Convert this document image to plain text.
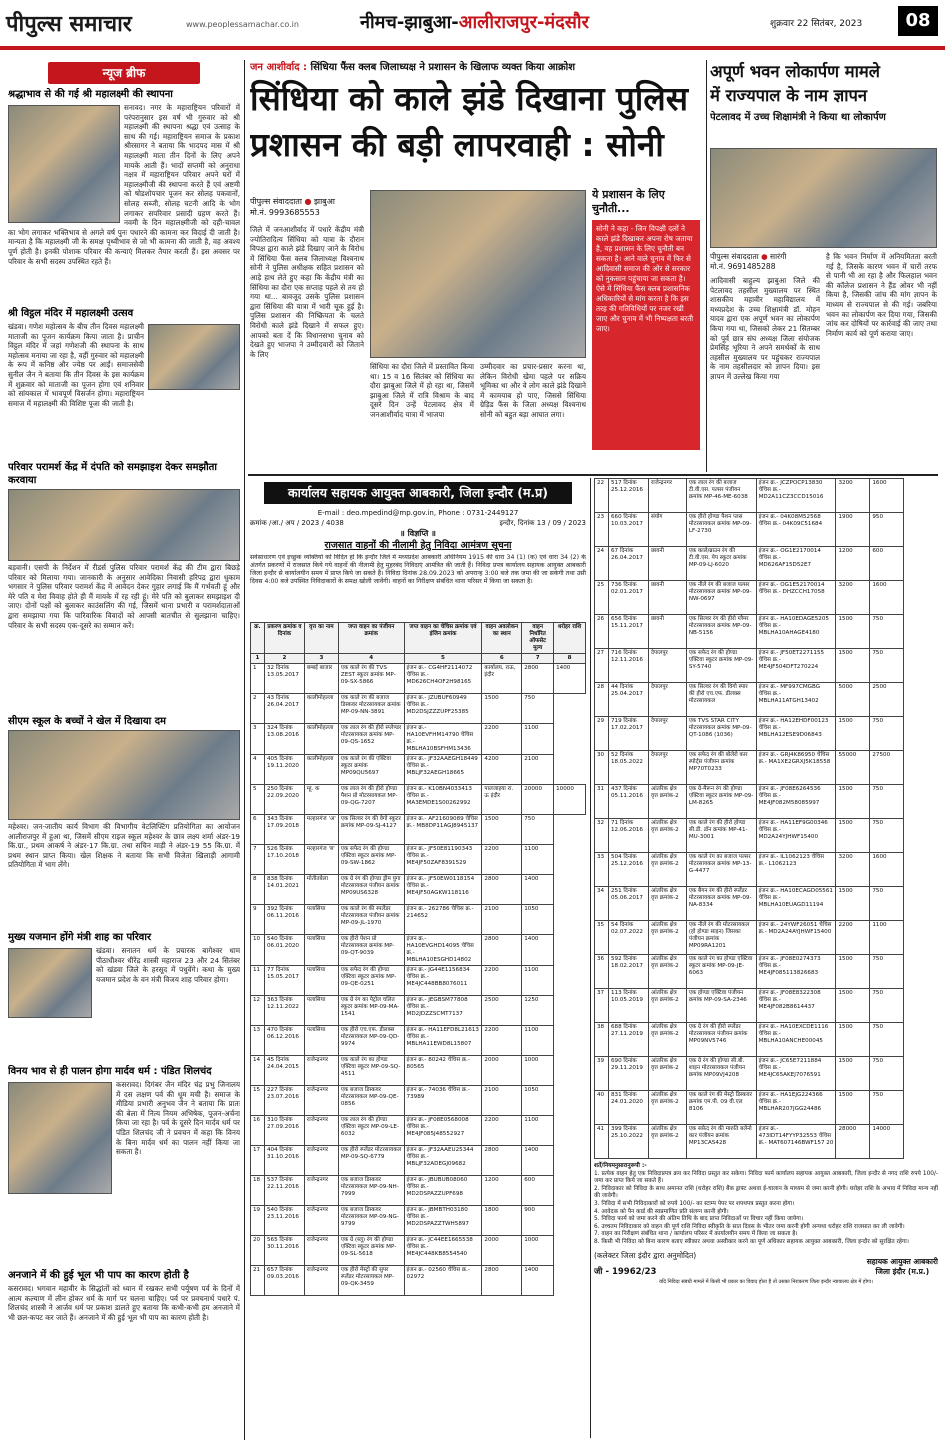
पीपुल्स समाचार	www.peoplessamachar.co.in	नीमच-झाबुआ-आलीराजपुर-मंदसौर	शुक्रवार 22 सितंबर, 2023	08
न्यूज ब्रीफ
श्रद्धाभाव से की गई श्री महालक्ष्मी की स्थापना
सनावद। नगर के महाराष्ट्रियन परिवारों में परंपरानुसार इस वर्ष भी गुरुवार को श्री महालक्ष्मी की स्थापना श्रद्धा एवं उत्साह के साथ की गई। महाराष्ट्रियन समाज के प्रकाश श्रीरसागर ने बताया कि भादपद मास में श्री महालक्ष्मी माता तीन दिनों के लिए अपने मायके आती हैं। भादों सप्तमी को अनुराधा नक्षत्र में महाराष्ट्रियन परिवार अपने घरों में महालक्ष्मीजी की स्थापना करते हैं एवं अष्टमी को षोडशोपचार पूजन कर सोलह पकवानों, सोलह सब्जी, सोलह चटनी आदि के भोग लगाकर सपरिवार प्रसादी ग्रहण करते हैं। नवमी के दिन महालक्ष्मीजी को दही-चावल का भोग लगाकर भक्तिभाव से अगले वर्ष पुनः पधारने की कामना कर विदाई दी जाती है। मान्यता है कि महालक्ष्मी जी के समक्ष पृथ्वीभाव से जो भी कामना की जाती है, वह अवश्य पूर्ण होती है। इनकी पोशाक परिवार की कन्याएं मिलकर तैयार करती हैं। इस अवसर पर परिवार के सभी सदस्य उपस्थित रहते हैं।
श्री विट्ठल मंदिर में महालक्ष्मी उत्सव
खंडवा। गणेश महोत्सव के बीच तीन दिवस महालक्ष्मी माताजी का पूजन कार्यक्रम किया जाता है। प्राचीन विट्ठल मंदिर में जहां गणेशजी की स्थापना के साथ महोत्सव मनाया जा रहा है, वहीं गुरुवार को महालक्ष्मी के रूप में कनिष्ठ और ज्येष्ठ पर आईं। समाजसेवी सुनील जैन ने बताया कि तीन दिवस के इस कार्यक्रम में शुक्रवार को माताजी का पूजन होगा एवं शनिवार को सांयकाल में भावपूर्ण विसर्जन होगा। महाराष्ट्रियन समाज में महालक्ष्मी की विशिष्ट पूजा की जाती है।
परिवार परामर्श केंद्र में दंपति को समझाइश देकर समझौता करवाया
बड़वानी। एसपी के निर्देशन में रीडर्स पुलिस परिवार परामर्श केंद्र की टीम द्वारा बिछड़े परिवार को मिलाया गया। जानकारी के अनुसार आवेदिका निवासी हरिपद्र द्वारा धुकाम भगसार ने पुलिस परिवार परामर्श केंद्र में आवेदन देकर गुहार लगाई कि मैं गर्भवती हूं और मेरे पति व मेरा विवाह होते ही मैं मायके में रह रही हूं। मेरे पति को बुलाकर समझाइश दी जाए। दोनों पक्षों को बुलाकर काउंसलिंग की गई, जिसमें थाना प्रभारी व परामर्शदाताओं द्वारा समझाया गया कि पारिवारिक विवादों को आपसी बातचीत से सुलझाना चाहिए। परिवार के सभी सदस्य एक-दूसरे का सम्मान करें।
सीएम स्कूल के बच्चों ने खेल में दिखाया दम
महेश्वर। जन-जातीय कार्य विभाग की विभागीय वेटलिफ्टिंग प्रतियोगिता का आयोजन आलीराजपुर में हुआ था, जिसमें सीएम राइज स्कूल महेश्वर के छात्र लक्ष्य शर्मा अंडर-19 कि.ग्रा., प्रथम आकर्ष ने अंडर-17 कि.ग्रा. तथा सचिन माड़ी ने अंडर-19 55 कि.ग्रा. में प्रथम स्थान प्राप्त किया। खेल शिक्षक ने बताया कि सभी विजेता खिलाड़ी आगामी प्रतियोगिता में भाग लेंगे।
मुख्य यजमान होंगे मंत्री शाह का परिवार
खंडवा। सनातन धर्म के प्रचारक बागेश्वर धाम पीठाधीश्वर धीरेंद्र शास्त्री महाराज 23 और 24 सितंबर को खंडवा जिले के हरसूद में पधुवेंगे। कथा के मुख्य यजमान प्रदेश के वन मंत्री विजय शाह परिवार होगा।
विनय भाव से ही पालन होगा मार्दव धर्म : पंडित शिलचंद
कसरावद। दिगंबर जैन मंदिर चंद्र प्रभु जिनालय में दस लक्षण पर्व की धूम मची है। समाज के मीडिया प्रभारी अनुभव जैन ने बताया कि प्रातः की बेला में नित्य नियम अभिषेक, पूजन-अर्चना किया जा रहा है। पर्व के दूसरे दिन मार्दव धर्म पर पंडित शिलचंद जी ने प्रवचन में कहा कि विनय के बिना मार्दव धर्म का पालन नहीं किया जा सकता है।
अनजाने में की हुई भूल भी पाप का कारण होती है
कसरावद। भगवान महावीर के सिद्धांतों को ध्यान में रखकर सभी पर्यूषण पर्व के दिनों में आत्म कल्याण में लीन होकर धर्म के मार्ग पर चलना चाहिए। पर्व पर प्रवचनार्थ पधारे पं. शिलचंद शास्त्री ने आर्जव धर्म पर प्रकाश डालते हुए बताया कि कभी-कभी हम अनजाने में भी छल-कपट कर जाते हैं। अनजाने में की हुई भूल भी पाप का कारण होती है।
जन आशीर्वाद : सिंधिया फैंस क्लब जिलाध्यक्ष ने प्रशासन के खिलाफ व्यक्त किया आक्रोश
सिंधिया को काले झंडे दिखाना पुलिस
प्रशासन की बड़ी लापरवाही : सोनी
पीपुल्स संवाददाता ● झाबुआ
मो.नं. 9993685553
जिले में जनआशीर्वाद में पधारे केंद्रीय मंत्री ज्योतिरादित्य सिंधिया को यात्रा के दौरान विपक्ष द्वारा काले झंडे दिखाए जाने के विरोध में सिंधिया फैंस क्लब जिलाध्यक्ष विश्वनाथ सोनी ने पुलिस अधीक्षक सहित प्रशासन को आड़े हाथ लेते हुए कहा कि केंद्रीय मंत्री का सिंधिया का दौरा एक सप्ताह पहले से तय हो गया था... बावजूद उसके पुलिस प्रशासन द्वारा सिंधिया की यात्रा में भारी चूक हुई है। पुलिस प्रशासन की निष्क्रियता के चलते विरोधी काले झंडे दिखाने में सफल हुए। आपको बता दें कि विधानसभा चुनाव को देखते हुए भाजपा ने उम्मीदवारों को जिताने के लिए
सिंधिया का दौरा जिले में प्रस्तावित किया था। 15 व 16 सितंबर को सिंधिया का दौरा झाबुआ जिले में हो रहा था, जिसमें झाबुआ जिले में रात्रि विश्राम के बाद दूसरे दिन उन्हें पेटलावद क्षेत्र में जनआशीर्वाद यात्रा में भाजपा
उम्मीदवार का प्रचार-प्रसार करना था, लेकिन विरोधी खेमा पहले पर सक्रिय भूमिका था और वे लोग काले झंडे दिखाने में कामयाब हो पाए, जिससे सिंधिया ग्रेड़िड फैंस के जिला अध्यक्ष विश्वनाथ सोनी को बहुत बड़ा आघात लगा।
ये प्रशासन के लिए चुनौती...
सोनी ने कहा - जिन विपक्षी दलों ने काले झंडे दिखाकर अपना रोष जताया है, वह प्रशासन के लिए चुनौती बन सकता है। आने वाले चुनाव में फिर से आदिवासी समाज की ओर से सरकार को नुकसान पहुंचाया जा सकता है। ऐसे में सिंधिया फैंस क्लब प्रशासनिक अधिकारियों से मांग करता है कि इस तरह की गतिविधियों पर नजर रखी जाए और चुनाव में भी निष्पक्षता बरती जाए।
अपूर्ण भवन लोकार्पण मामले
में राज्यपाल के नाम ज्ञापन
पेटलावद में उच्च शिक्षामंत्री ने किया था लोकार्पण
पीपुल्स संवाददाता ● सारंगी
मो.नं. 9691485288
आदिवासी बाहुल्य झाबुआ जिले की पेटलावद तहसील मुख्यालय पर स्थित शासकीय महावीर महाविद्यालय में मध्यप्रदेश के उच्च शिक्षामंत्री डॉ. मोहन यादव द्वारा एक अपूर्ण भवन का लोकार्पण किया गया था, जिसको लेकर 21 सितम्बर को पूर्व छात्र संघ अध्यक्ष जिला संयोजक प्रेमसिंह भूरिया ने अपने समर्थकों के साथ तहसील मुख्यालय पर पहुंचकर राज्यपाल के नाम तहसीलदार को ज्ञापन दिया। इस ज्ञापन में उल्लेख किया गया
है कि भवन निर्माण में अनियमितता बरती गई है, जिसके कारण भवन में चारों तरफ से पानी भी आ रहा है और फिलहाल भवन की कॉलेज प्रशासन ने हैंड ओवर भी नहीं किया है, जिसकी जांच की मांग ज्ञापन के माध्यम से राज्यपाल से की गई। जबरिया भवन का लोकार्पण कर दिया गया, जिसकी जांच कर दोषियों पर कार्रवाई की जाए तथा निर्माण कार्य को पूर्ण कराया जाए।
कार्यालय सहायक आयुक्त आबकारी, जिला इन्दौर (म.प्र)
E-mail : deo.mpedind@mp.gov.in, Phone : 0731-2449127
क्रमांक /आ./ अप / 2023 / 4038	इन्दौर, दिनांक 13 / 09 / 2023
॥ विज्ञप्ति ॥
राजसात वाहनों की नीलामी हेतु निविदा आमंत्रण सूचना
सर्वसाधारण एवं इच्छुक व्यक्तियों को विदित हो कि इन्दौर जिले में मध्यप्रदेश आबकारी अधिनियम 1915 की धारा 34 (1) (क) एवं धारा 34 (2) के अंतर्गत प्रकरणों में राजसात किये गये वाहनों की नीलामी हेतु मुहरबंद निविदाएं आमंत्रित की जाती हैं। निविदा प्रपत्र कार्यालय सहायक आयुक्त आबकारी जिला इन्दौर से कार्यालयीन समय में प्राप्त किये जा सकते हैं। निविदा दिनांक 28.09.2023 को अपरान्ह 3:00 बजे तक जमा की जा सकेगी तथा उसी दिवस 4:00 बजे उपस्थित निविदाकारों के समक्ष खोली जावेंगी। वाहनों का निरीक्षण संबंधित थाना परिसर में किया जा सकता है।
क्र.	प्रकरण क्रमांक व दिनांक	वृत्त का नाम	जप्त वाहन का पंजीयन क्रमांक	जप्त वाहन का चेचिस क्रमांक एवं इंजिन क्रमांक	वाहन अवलोकन का स्थान	वाहन निर्धारित ऑफसेट मूल्य	धरोहर राशि
1	2	3	4	5	6	7	8
1	32 दिनांक 13.05.2017	बम्बई बाजार	एक काले रंग की TVS ZEST स्कूटर क्रमांक MP-09-SX-5866	इंजन क्र.- CG4HF2114072 चेचिस क्र.- MD626CH4OF2H98165	कार्यालय, राऊ, इंदौर	2800	1400
2	43 दिनांक 26.04.2017	कालीमोहल्ला	एक काले रंग की बजाज डिस्कवर मोटरसायकल क्रमांक MP-09-NN-3891	इंजन क्र.- JZUBUF60949 चेचिस क्र.- MD2DSJZZZUPF25385	1500	750	
3	324 दिनांक 13.08.2016	कालीमोहल्ला	एक लाल रंग की हीरो स्प्लेण्डर मोटरसायकल क्रमांक MP-09-QS-1652	इंजन क्र.- HA10EVFHM14790 चेचिस क्र.- MBLHA10BSFHM13436	2200	1100	
4	405 दिनांक 19.11.2020	कालीमोहल्ला	एक काले रंग की एक्टिवा स्कूटर क्रमांक MP09QU5697	इंजन क्र.- JF32AAEGH18449 चेचिस क्र.- MBLJF32AEGH18665	4200	2100	
5	250 दिनांक 22.09.2020	म्हू. क	एक लाल रंग की हीरो होण्डा पैशन प्रो मोटरसायकल MP-09-QG-7207	इंजन क्र.- K10BN4033413 चेचिस क्र.- MA3EMDE1S00262992	पालजाइया रा. ऊ इंदौर	20000	10000
6	343 दिनांक 17.09.2018	मल्हारगंज 'अ'	एक सिल्वर रंग की वेगो स्कूटर क्रमांक MP-09-SJ-4127	इंजन क्र.- AF21609089 चेचिस क्र.- MB8DP11AGJ8945137	1500	750	
7	526 दिनांक 17.10.2018	मल्हारगंज 'ब'	एक सफेद रंग की होण्डा एक्टिवा स्कूटर क्रमांक MP-09-SW-1862	इंजन क्र.- JF50E81190343 चेचिस क्र.- ME4JF50ZAF8391529	2200	1100	
8	838 दिनांक 14.01.2021	मोतीतबेला	एक ग्रे रंग की होण्डा ड्रीम युगा मोटरसायकल पंजीयन क्रमांक MP09US6328	इंजन क्र.- JF50EW0118154 चेचिस क्र.- ME4JF50AGKW118116	2800	1400	
9	392 दिनांक 06.11.2016	पलासिया	एक काले रंग की स्पलेंडर मोटरसायकल पंजीयन क्रमांक MP-09-JL-1970	इंजन क्र.- 262786 चेचिस क्र.- 214652	2100	1050	
10	540 दिनांक 06.01.2020	पलासिया	एक हीरो पेशन प्रो मोटरसायकल क्रमांक MP-09-QT-9039	इंजन क्र.- HA10EVGHD14095 चेचिस क्र.- MBLHA10ESGHD14802	2800	1400	
11	77 दिनांक 15.05.2017	पलासिया	एक सफेद रंग की होण्डा एक्टिवा स्कूटर क्रमांक MP-09-QE-0251	इंजन क्र.- JG44E1156834 चेचिस क्र.- ME4JC448BB8076011	2200	1100	
12	363 दिनांक 12.11.2022	पलासिया	एक ग्रे रंग का पेट्रोल चलित स्कूटर क्रमांक MP-09-MA-1541	इंजन क्र.- JEGBSM77808 चेचिस क्र.- MD2JDZZSCMT7137	2500	1250	
13	470 दिनांक 06.12.2016	पलासिया	एक हीरो एच.एफ. डीलक्स मोटरसायकल MP-09-QD-9974	इंजन क्र.- HA11EFD8L21613 चेचिस क्र.- MBLHA11EWD8L15807	2200	1100	
14	45 दिनांक 24.04.2015	राजेन्द्रनगर	एक काले रंग का होण्डा एक्टिवा स्कूटर MP-09-SQ-4511	इंजन क्र.- 80242 चेचिस क्र.- 80565	2000	1000	
15	227 दिनांक 23.07.2016	राजेन्द्रनगर	एक बजाज डिस्कवर मोटरसायकल MP-09-QE-0856	इंजन क्र.- 74036 चेचिस क्र.- 73989	2100	1050	
16	310 दिनांक 27.09.2016	राजेन्द्रनगर	एक लाल रंग की होण्डा एक्टिवा स्कूटर MP-09-LE-6032	इंजन क्र.- JF08E0568008 चेचिस क्र.- ME4JF085J48552927	2200	1100	
17	404 दिनांक 31.10.2016	राजेन्द्रनगर	एक हीरो स्प्लेंडर मोटरसायकल MP-09-SQ-6779	इंजन क्र.- JF32AAEU25344 चेचिस क्र.- MBLJF32ADEGJ09682	2800	1400	
18	537 दिनांक 22.11.2016	राजेन्द्रनगर	एक बजाज डिस्कवर मोटरसायकल MP-09-NH-7999	इंजन क्र.- JBUBUB08060 चेचिस क्र.- MD2DSPAZZUPF698	1200	600	
19	540 दिनांक 23.11.2016	राजेन्द्रनगर	एक बजाज डिस्कवर मोटरसायकल MP-09-NG-9799	इंजन क्र.- JBMBTH03180 चेचिस क्र.- MD2DSPAZZTWH5897	1800	900	
20	565 दिनांक 30.11.2016	राजेन्द्रनगर	एक ग्रे (ब्लू) रंग की होण्डा एक्टिवा स्कूटर क्रमांक MP-09-SL-5618	इंजन क्र.- JC44EE1665538 चेचिस क्र.- ME4JC448KB8554540	2000	1000	
21	657 दिनांक 09.03.2016	राजेन्द्रनगर	एक हीरो मेस्ट्रो की सुपर स्प्लेंडर मोटरसायकल MP-09-QK-3459	इंजन क्र.- 02560 चेचिस क्र.- 02972	2800	1400	
22	517 दिनांक 25.12.2016	राजेन्द्रनगर	एक लाल रंग की बजाज टी.वी.एस. पल्सर पंजीयन क्रमांक MP-46-ME-6038	इंजन क्र.- JCZPOCP13830 चेचिस क्र.- MD2A11CZ3CCD15016	3200	1600
23	660 दिनांक 10.03.2017	संयोग	एक हीरो होण्डा पैशन प्लस मोटरसायकल क्रमांक MP-09-LF-2730	इंजन क्र.- 04K08M52568 चेचिस क्र.- 04K09C51684	1900	950
24	67 दिनांक 26.04.2017	छावनी	एक काले/ब्राउन रंग की टी.वी.एस. पेप स्कूटर क्रमांक MP-09-LJ-6020	इंजन क्र.- OG1E2170014 चेचिस क्र.- MD626AF15D52E7	1200	600
25	736 दिनांक 02.01.2017	छावनी	एक नीले रंग की बजाज पल्सर मोटरसायकल क्रमांक MP-09-NW-0697	इंजन क्र.- OG1E52170014 चेचिस क्र.- DHZCCH17058	3200	1600
26	656 दिनांक 15.11.2017	छावनी	एक सिल्वर रंग की हीरो ग्लैमर मोटरसायकल क्रमांक MP-09-NB-5156	इंजन क्र.- HA10EDAGE5205 चेचिस क्र.- MBLHA10AHAGE4180	1500	750
27	716 दिनांक 12.11.2016	देपालपुर	एक सफेद रंग की होण्डा एक्टिवा स्कूटर क्रमांक MP-09-SY-5740	इंजन क्र.- JF50ET2271155 चेचिस क्र.- ME4JF504DFT270224	1500	750
28	44 दिनांक 25.04.2017	देपालपुर	एक सिल्वर रंग की विगो स्पार की हीरो एच.एफ. डीलक्स मोटरसायकल	इंजन क्र.- MF997CMGBG चेचिस क्र.- MBLHA11ATGH13402	5000	2500
29	719 दिनांक 17.02.2017	देपालपुर	एक TVS STAR CITY मोटरसायकल क्रमांक MP-09-QT-1086 (1036)	इंजन क्र.- HA12EHDF00123 चेचिस क्र.- MBLHA12ESE9D06843	1500	750
30	52 दिनांक 18.05.2022	देपालपुर	एक सफेद रंग की बोलेरो कार स्पोर्ट्स पंजीयन क्रमांक MP70T0233	इंजन क्र.- GRJ4K86950 चेचिस क्र.- MA1XE2GRXJ5K18558	55000	27500
31	437 दिनांक 05.11.2016	आंतरिक क्षेत्र वृत्त क्रमांक-2	एक ग्रे-मैरून रंग की होण्डा एक्टिवा स्कूटर क्रमांक MP-09-LM-8265	इंजन क्र.- JF08E6264536 चेचिस क्र.- ME4JF082M58085997	1500	750
32	71 दिनांक 12.06.2016	आंतरिक क्षेत्र वृत्त क्रमांक-2	एक काले रंग की हीरो होण्डा सी.डी. डॉन क्रमांक MP-41-MU-3001	इंजन क्र.- HA11EF9G00346 चेचिस क्र.- MD2A24YJHWF15400	1500	750
33	504 दिनांक 25.12.2016	आंतरिक क्षेत्र वृत्त क्रमांक-2	एक काले रंग का बजाज पल्सर मोटरसायकल क्रमांक MP-13-G-4477	इंजन क्र.- IL1062123 चेचिस क्र.- L1062123	3200	1600
34	251 दिनांक 05.06.2017	आंतरिक क्षेत्र वृत्त क्रमांक-2	एक बैगन रंग की हीरो स्प्लेंडर मोटरसायकल क्रमांक MP-09-NA-8334	इंजन क्र.- HA10ECAGD05561 चेचिस क्र.- MBLHA10EUAGD11194	1500	750
35	54 दिनांक 02.07.2022	आंतरिक क्षेत्र वृत्त क्रमांक-2	एक नीले रंग की मोटरसायकल (हो होण्डा साइन) जिसका पंजीयन क्रमांक MP09RA1201	इंजन क्र.- 24YWF26051 चेचिस क्र.- MD2A24AYJHWF15400	2200	1100
36	592 दिनांक 18.02.2017	आंतरिक क्षेत्र वृत्त क्रमांक-2	एक काले रंग का होण्डा एक्टिवा स्कूटर क्रमांक MP-09-JE-6063	इंजन क्र.- JF08E0274373 चेचिस क्र.- ME4JF085113826683	1500	750
37	113 दिनांक 10.05.2019	आंतरिक क्षेत्र वृत्त क्रमांक-2	एक होण्डा एक्टिवा पंजीयन क्रमांक MP-09-SA-2346	इंजन क्र.- JF08E8322308 चेचिस क्र.- ME4JF082B8614437	1500	750
38	688 दिनांक 27.11.2019	आंतरिक क्षेत्र वृत्त क्रमांक-2	एक ग्रे रंग की हीरो स्प्लेंडर मोटरसायकल पंजीयन क्रमांक MP09NV5746	इंजन क्र.- HA10EXCDE1116 चेचिस क्र.- MBLHA10ANCHE00045	1500	750
39	690 दिनांक 29.11.2019	आंतरिक क्षेत्र वृत्त क्रमांक-2	एक ग्रे रंग की होण्डा सी.बी. शाइन मोटरसायकल पंजीयन क्रमांक MP09VJ4208	इंजन क्र.- JC65E7211884 चेचिस क्र.- ME4JC65AKEJ7076591	1500	750
40	831 दिनांक 24.01.2020	आंतरिक क्षेत्र वृत्त क्रमांक-2	एक काले रंग की मेस्ट्रो डिस्कवर क्रमांक एम.पी. 09 वी.एल 8106	इंजन क्र.- HA1EJG224366 चेचिस क्र.- MBLHAR207JGG24486	1500	750
41	399 दिनांक 25.10.2022	आंतरिक क्षेत्र वृत्त क्रमांक-2	एक सफ़ेद रंग की मारुति बलेनो कार पंजीयन क्रमांक MP13CA5428	इंजन क्र.- 473IDT14FYYP32553 चेचिस क्र.- MAT607146BWF157 20	28000	14000
शर्तें/नियमनुसारानुरूपी :-
1. प्रत्येक वाहन हेतु एक निविदाप्रपत्र क्रय कर निविदा प्रस्तुत कर सकेगा। निविदा फार्म कार्यालय सहायक आयुक्त आबकारी, जिला इन्दौर से नगद राशि रुपये 100/- जमा कर प्राप्त किये जा सकते हैं।
2. निविदाकार को निविदा के साथ अमानत राशि (धरोहर राशि) बैंक ड्राफ्ट अथवा ई-चालान के माध्यम से जमा करनी होगी। धरोहर राशि के अभाव में निविदा मान्य नहीं की जावेगी।
3. निविदा में सभी निविदाकारों को रुपये 100/- का स्टाम्प पेपर पर शपथपत्र प्रस्तुत करना होगा।
4. आवेदक को पैन कार्ड की स्वप्रमाणित प्रति संलग्न करनी होगी।
5. निविदा फार्म को जमा करने की अंतिम तिथि के बाद प्राप्त निविदाओं पर विचार नहीं किया जायेगा।
6. उच्चतम निविदाकार को वाहन की पूर्ण राशि निविदा स्वीकृति के सात दिवस के भीतर जमा करनी होगी अन्यथा धरोहर राशि राजसात कर ली जावेगी।
7. वाहन का निरीक्षण संबंधित थाना / कार्यालय परिसर में कार्यालयीन समय में किया जा सकता है।
8. किसी भी निविदा को बिना कारण बताए स्वीकार अथवा अस्वीकार करने का पूर्ण अधिकार सहायक आयुक्त आबकारी, जिला इन्दौर को सुरक्षित रहेगा।
(कलेक्टर जिला इंदौर द्वारा अनुमोदित)
जी - 19962/23
सहायक आयुक्त आबकारी
जिला इंदौर (म.प्र.)
यदि निविदा संबंधी मामले में किसी भी प्रकार का विवाद होता है तो उसका निराकरण जिला इन्दौर न्यायालय क्षेत्र में होगा।
